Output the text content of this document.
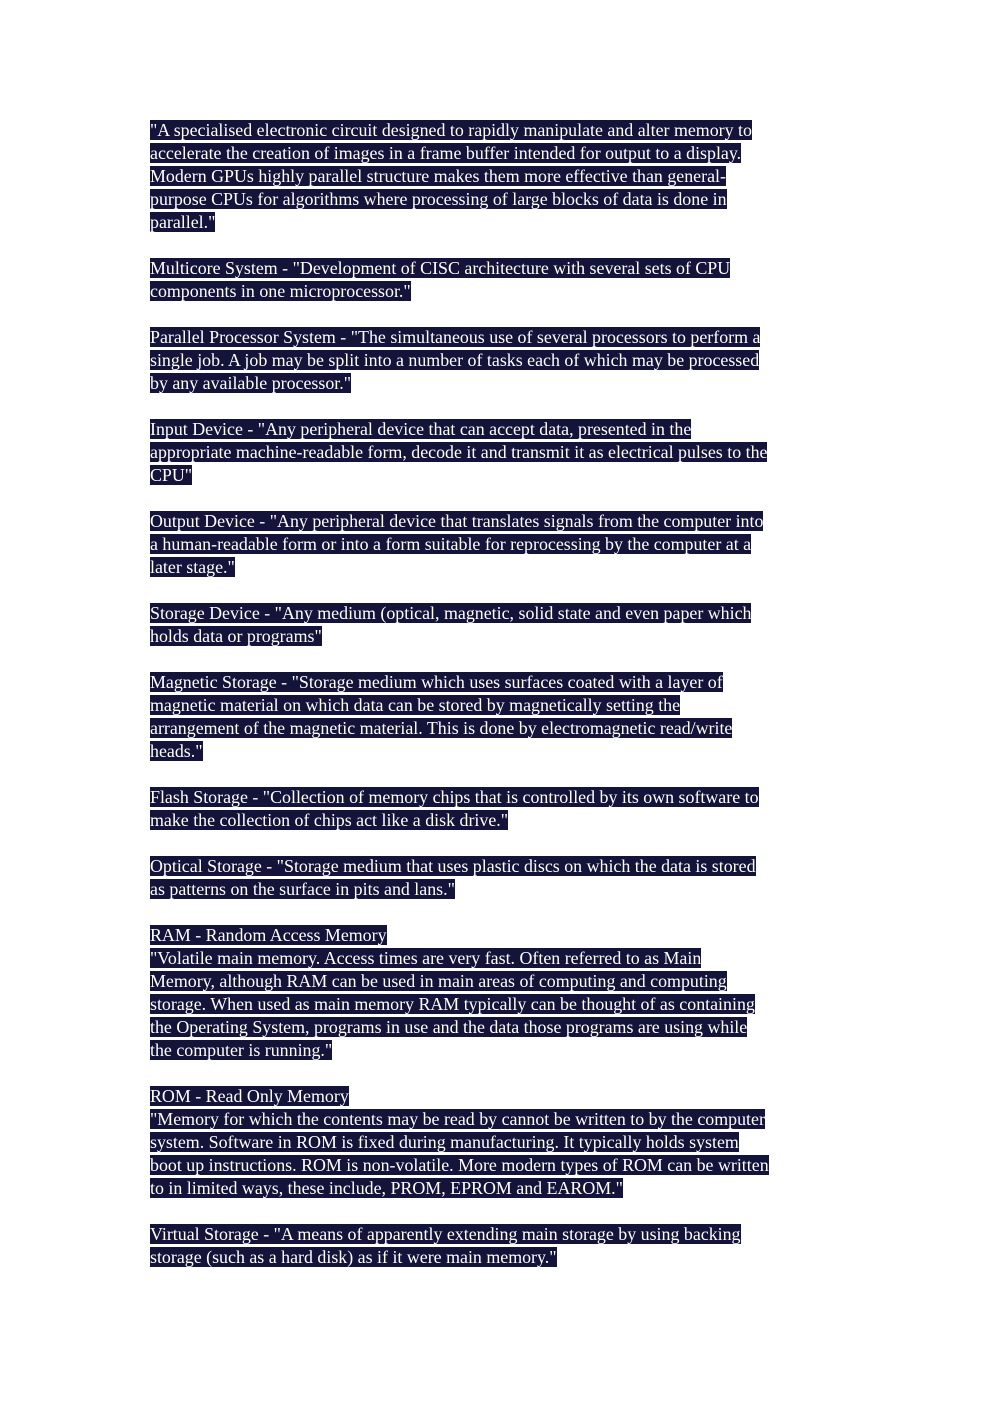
"A specialised electronic circuit designed to rapidly manipulate and alter memory to
accelerate the creation of images in a frame buffer intended for output to a display.
Modern GPUs highly parallel structure makes them more effective than general-
purpose CPUs for algorithms where processing of large blocks of data is done in
parallel."
Multicore System - "Development of CISC architecture with several sets of CPU
components in one microprocessor."
Parallel Processor System - "The simultaneous use of several processors to perform a
single job. A job may be split into a number of tasks each of which may be processed
by any available processor."
Input Device - "Any peripheral device that can accept data, presented in the
appropriate machine-readable form, decode it and transmit it as electrical pulses to the
CPU"
Output Device - "Any peripheral device that translates signals from the computer into
a human-readable form or into a form suitable for reprocessing by the computer at a
later stage."
Storage Device - "Any medium (optical, magnetic, solid state and even paper which
holds data or programs"
Magnetic Storage - "Storage medium which uses surfaces coated with a layer of
magnetic material on which data can be stored by magnetically setting the
arrangement of the magnetic material. This is done by electromagnetic read/write
heads."
Flash Storage - "Collection of memory chips that is controlled by its own software to
make the collection of chips act like a disk drive."
Optical Storage - "Storage medium that uses plastic discs on which the data is stored
as patterns on the surface in pits and lans."
RAM - Random Access Memory
"Volatile main memory. Access times are very fast. Often referred to as Main
Memory, although RAM can be used in main areas of computing and computing
storage. When used as main memory RAM typically can be thought of as containing
the Operating System, programs in use and the data those programs are using while
the computer is running."
ROM - Read Only Memory
"Memory for which the contents may be read by cannot be written to by the computer
system. Software in ROM is fixed during manufacturing. It typically holds system
boot up instructions. ROM is non-volatile. More modern types of ROM can be written
to in limited ways, these include, PROM, EPROM and EAROM."
Virtual Storage - "A means of apparently extending main storage by using backing
storage (such as a hard disk) as if it were main memory."
